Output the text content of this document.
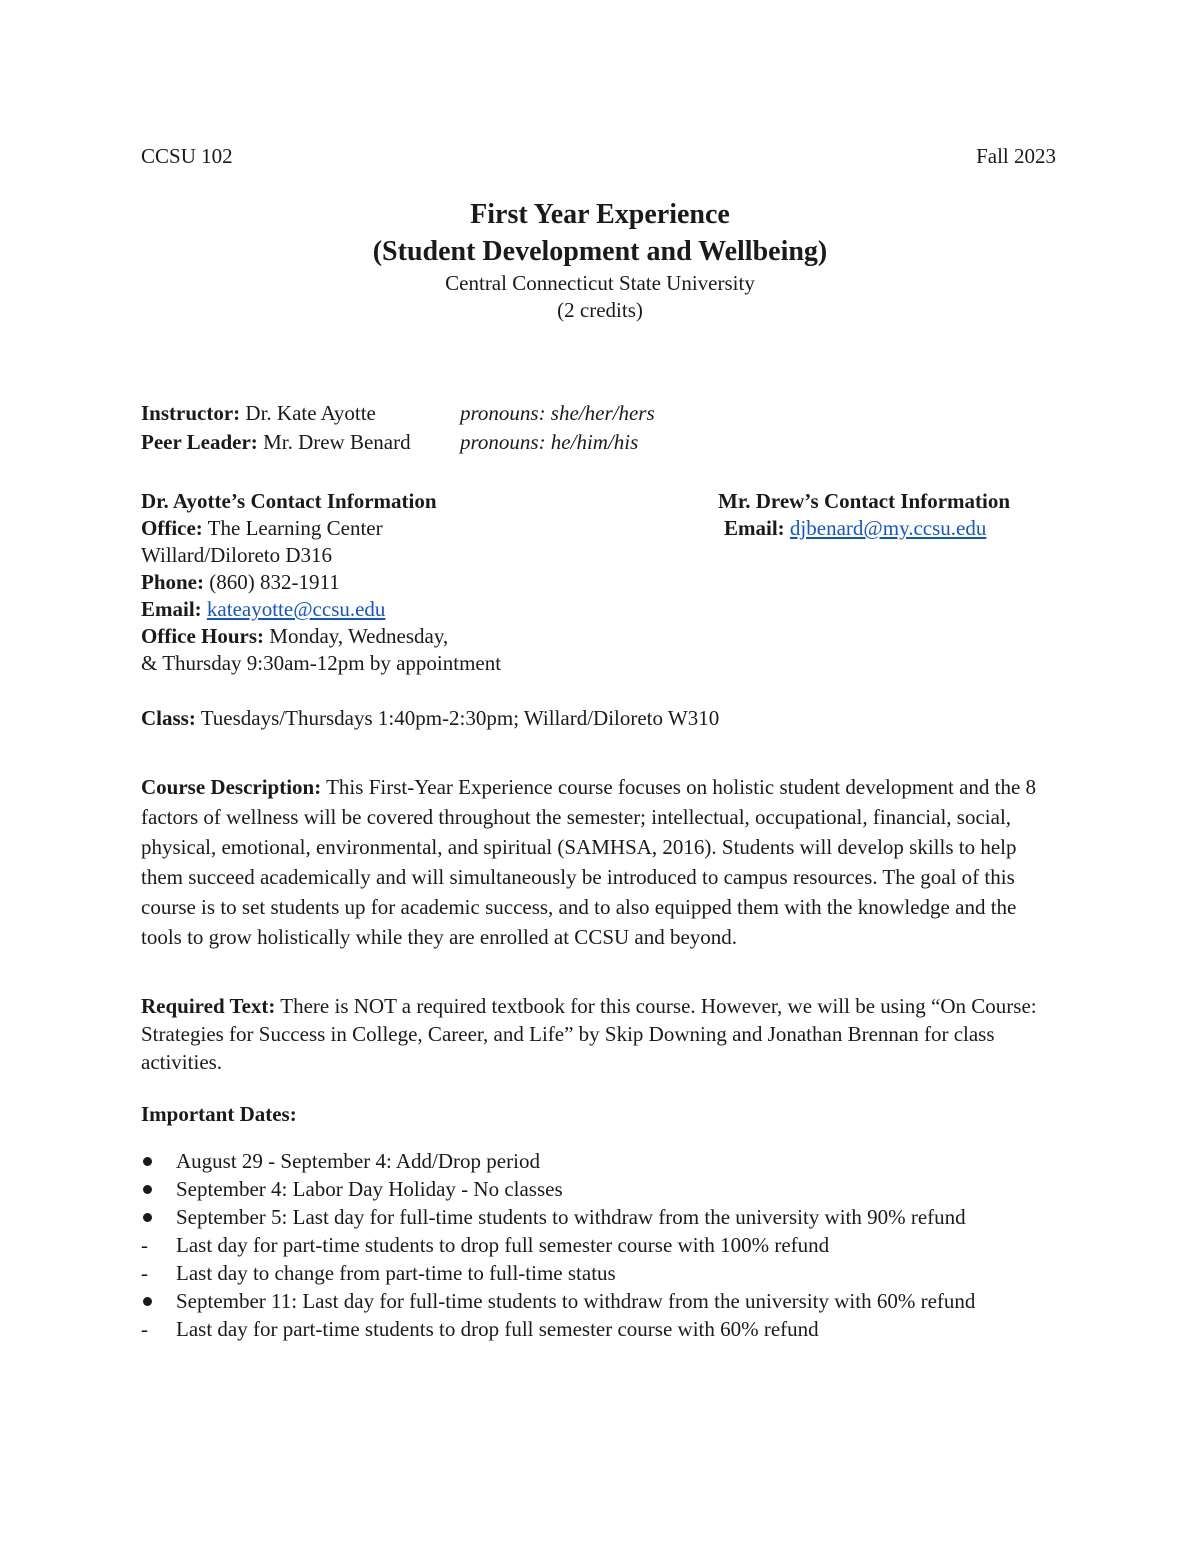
CCSU 102	Fall 2023
First Year Experience
(Student Development and Wellbeing)
Central Connecticut State University
(2 credits)
Instructor: Dr. Kate Ayotte	pronouns: she/her/hers
Peer Leader: Mr. Drew Benard pronouns: he/him/his
Dr. Ayotte’s Contact Information
Office: The Learning Center
Willard/Diloreto D316
Phone: (860) 832-1911
Email: kateayotte@ccsu.edu
Office Hours: Monday, Wednesday,
& Thursday 9:30am-12pm by appointment
Mr. Drew’s Contact Information
Email: djbenard@my.ccsu.edu
Class: Tuesdays/Thursdays 1:40pm-2:30pm; Willard/Diloreto W310
Course Description: This First-Year Experience course focuses on holistic student development and the 8 factors of wellness will be covered throughout the semester; intellectual, occupational, financial, social, physical, emotional, environmental, and spiritual (SAMHSA, 2016). Students will develop skills to help them succeed academically and will simultaneously be introduced to campus resources. The goal of this course is to set students up for academic success, and to also equipped them with the knowledge and the tools to grow holistically while they are enrolled at CCSU and beyond.
Required Text: There is NOT a required textbook for this course. However, we will be using “On Course: Strategies for Success in College, Career, and Life” by Skip Downing and Jonathan Brennan for class activities.
Important Dates:
August 29 - September 4: Add/Drop period
September 4: Labor Day Holiday - No classes
September 5: Last day for full-time students to withdraw from the university with 90% refund
-	Last day for part-time students to drop full semester course with 100% refund
-	Last day to change from part-time to full-time status
September 11: Last day for full-time students to withdraw from the university with 60% refund
-	Last day for part-time students to drop full semester course with 60% refund
